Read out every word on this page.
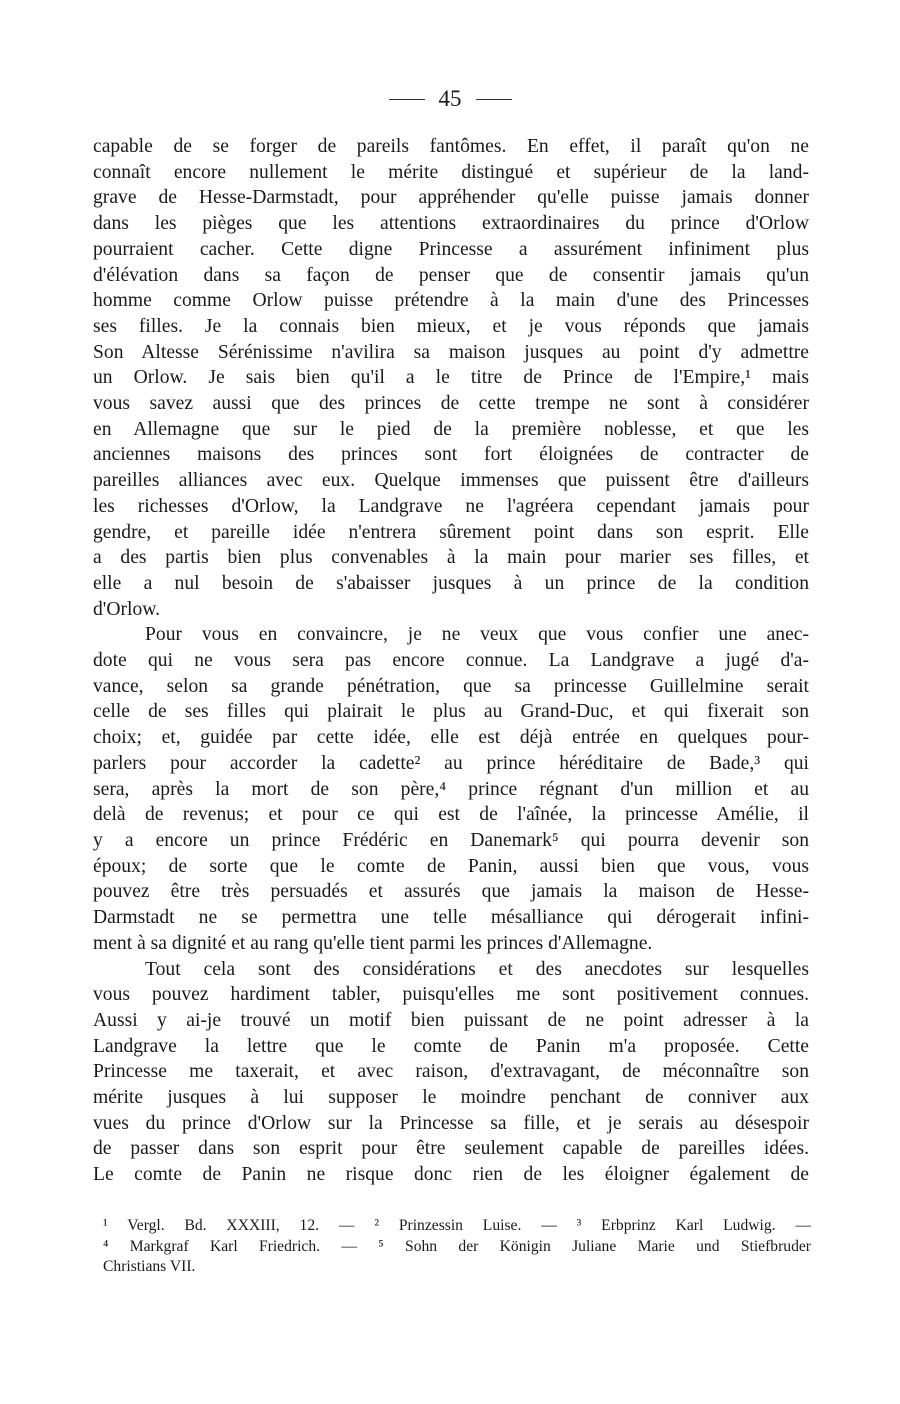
45
capable de se forger de pareils fantômes. En effet, il paraît qu'on ne
connaît encore nullement le mérite distingué et supérieur de la land-
grave de Hesse-Darmstadt, pour appréhender qu'elle puisse jamais donner
dans les pièges que les attentions extraordinaires du prince d'Orlow
pourraient cacher. Cette digne Princesse a assurément infiniment plus
d'élévation dans sa façon de penser que de consentir jamais qu'un
homme comme Orlow puisse prétendre à la main d'une des Princesses
ses filles. Je la connais bien mieux, et je vous réponds que jamais
Son Altesse Sérénissime n'avilira sa maison jusques au point d'y admettre
un Orlow. Je sais bien qu'il a le titre de Prince de l'Empire,¹ mais
vous savez aussi que des princes de cette trempe ne sont à considérer
en Allemagne que sur le pied de la première noblesse, et que les
anciennes maisons des princes sont fort éloignées de contracter de
pareilles alliances avec eux. Quelque immenses que puissent être d'ailleurs
les richesses d'Orlow, la Landgrave ne l'agréera cependant jamais pour
gendre, et pareille idée n'entrera sûrement point dans son esprit. Elle
a des partis bien plus convenables à la main pour marier ses filles, et
elle a nul besoin de s'abaisser jusques à un prince de la condition
d'Orlow.
Pour vous en convaincre, je ne veux que vous confier une anec-
dote qui ne vous sera pas encore connue. La Landgrave a jugé d'a-
vance, selon sa grande pénétration, que sa princesse Guillelmine serait
celle de ses filles qui plairait le plus au Grand-Duc, et qui fixerait son
choix; et, guidée par cette idée, elle est déjà entrée en quelques pour-
parlers pour accorder la cadette² au prince héréditaire de Bade,³ qui
sera, après la mort de son père,⁴ prince régnant d'un million et au
delà de revenus; et pour ce qui est de l'aînée, la princesse Amélie, il
y a encore un prince Frédéric en Danemark⁵ qui pourra devenir son
époux; de sorte que le comte de Panin, aussi bien que vous, vous
pouvez être très persuadés et assurés que jamais la maison de Hesse-
Darmstadt ne se permettra une telle mésalliance qui dérogerait infini-
ment à sa dignité et au rang qu'elle tient parmi les princes d'Allemagne.
Tout cela sont des considérations et des anecdotes sur lesquelles
vous pouvez hardiment tabler, puisqu'elles me sont positivement connues.
Aussi y ai-je trouvé un motif bien puissant de ne point adresser à la
Landgrave la lettre que le comte de Panin m'a proposée. Cette
Princesse me taxerait, et avec raison, d'extravagant, de méconnaître son
mérite jusques à lui supposer le moindre penchant de conniver aux
vues du prince d'Orlow sur la Princesse sa fille, et je serais au désespoir
de passer dans son esprit pour être seulement capable de pareilles idées.
Le comte de Panin ne risque donc rien de les éloigner également de
¹ Vergl. Bd. XXXIII, 12. — ² Prinzessin Luise. — ³ Erbprinz Karl Ludwig. —
⁴ Markgraf Karl Friedrich. — ⁵ Sohn der Königin Juliane Marie und Stiefbruder
Christians VII.
